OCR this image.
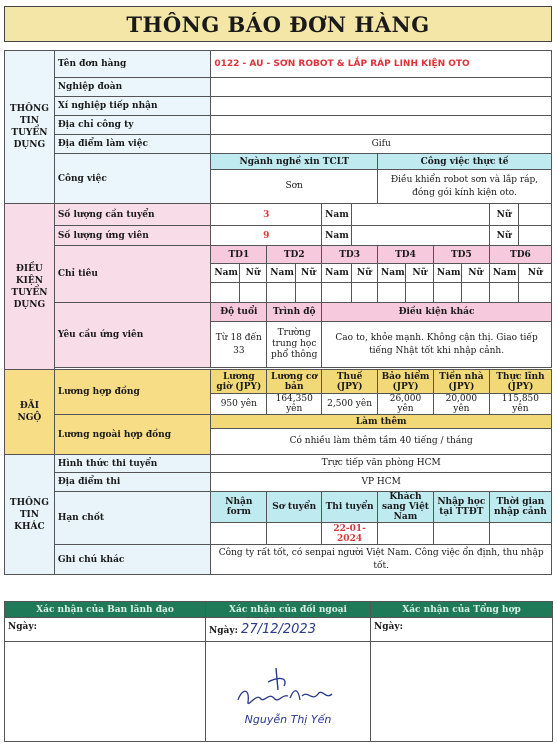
THÔNG BÁO ĐƠN HÀNG
THÔNG TIN TUYỂN DỤNG	Tên đơn hàng	0122 - AU - SƠN ROBOT & LẮP RÁP LINH KIỆN OTO											
	Nghiệp đoàn												
	Xí nghiệp tiếp nhận												
	Địa chỉ công ty												
	Địa điểm làm việc	Gifu											
	Công việc	Ngành nghề xin TCLT						Công việc thực tế					
		Sơn						Điều khiển robot sơn và lắp ráp, đóng gói kính kiện oto.					
ĐIỀU KIỆN TUYỂN DỤNG	Số lượng cần tuyển	3				Nam						Nữ	
	Số lượng ứng viên	9				Nam						Nữ	
	Chỉ tiêu	TD1		TD2		TD3		TD4		TD5		TD6	
		Nam	Nữ	Nam	Nữ	Nam	Nữ	Nam	Nữ	Nam	Nữ	Nam	Nữ

	Yêu cầu ứng viên	Độ tuổi		Trình độ		Điều kiện khác							
		Từ 18 đến 33		Trường trung học phổ thông		Cao to, khỏe mạnh. Không cận thị. Giao tiếp tiếng Nhật tốt khi nhập cảnh.							

ĐÃI NGỘ	Lương hợp đồng	Lương giờ (JPY)		Lương cơ bản		Thuế (JPY)		Bảo hiểm (JPY)		Tiền nhà (JPY)		Thực lĩnh (JPY)	
		950 yên		164,350 yên		2,500 yên		26,000 yên		20,000 yên		115,850 yên	
	Lương ngoài hợp đồng	Làm thêm											
		Có nhiều làm thêm tầm 40 tiếng / tháng											
THÔNG TIN KHÁC	Hình thức thi tuyển	Trực tiếp văn phòng HCM											
	Địa điểm thi	VP HCM											
	Hạn chốt	Nhận form		Sơ tuyển		Thi tuyển		Khách sang Việt Nam		Nhập học tại TTĐT		Thời gian nhập cảnh	
						22-01-2024							
	Ghi chú khác	Công ty rất tốt, có senpai người Việt Nam. Công việc ổn định, thu nhập tốt.											
Xác nhận của Ban lãnh đạo	Xác nhận của đối ngoại	Xác nhận của Tổng hợp
Ngày:	Ngày: 27/12/2023	Ngày:

	Nguyễn Thị Yến	
